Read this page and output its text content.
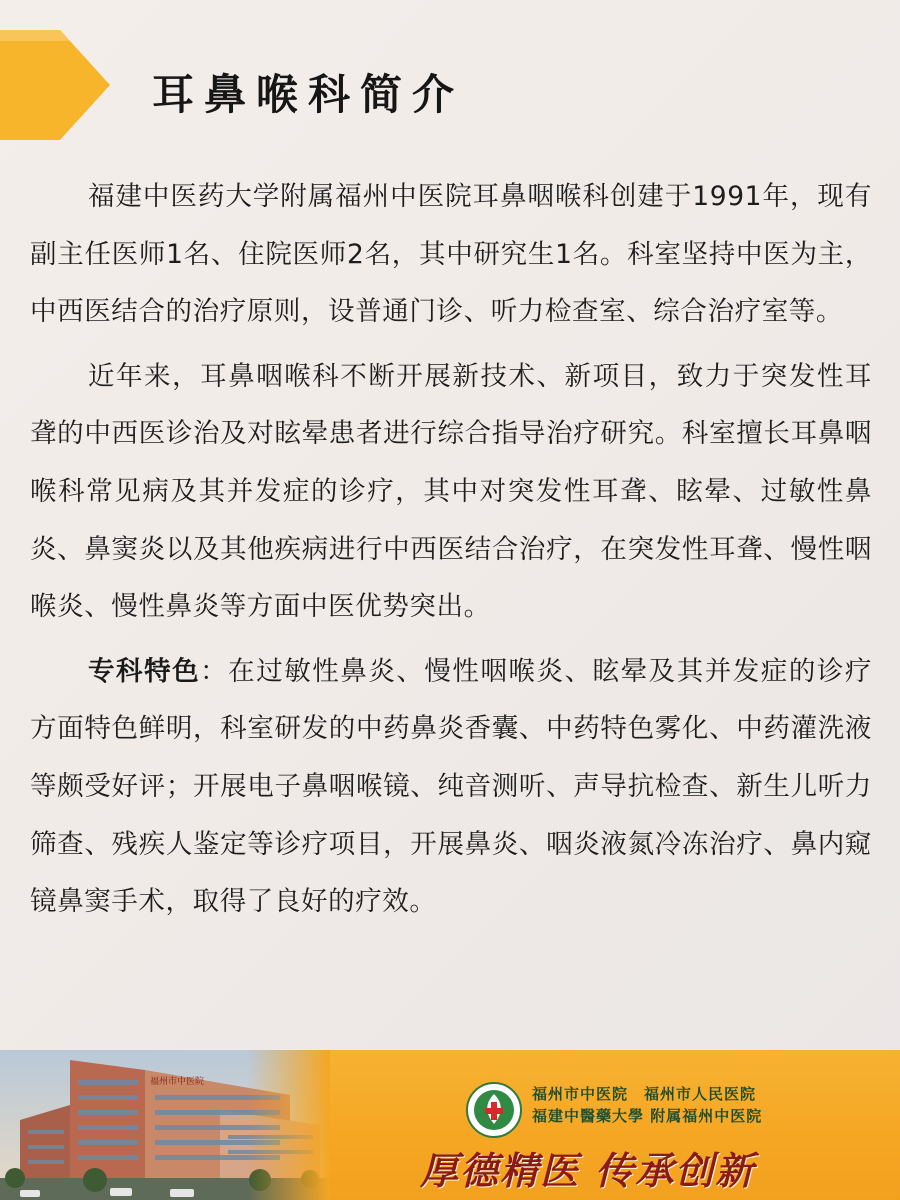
耳鼻喉科简介

福建中医药大学附属福州中医院耳鼻咽喉科创建于1991年，现有副主任医师1名、住院医师2名，其中研究生1名。科室坚持中医为主，中西医结合的治疗原则，设普通门诊、听力检查室、综合治疗室等。

近年来，耳鼻咽喉科不断开展新技术、新项目，致力于突发性耳聋的中西医诊治及对眩晕患者进行综合指导治疗研究。科室擅长耳鼻咽喉科常见病及其并发症的诊疗，其中对突发性耳聋、眩晕、过敏性鼻炎、鼻窦炎以及其他疾病进行中西医结合治疗，在突发性耳聋、慢性咽喉炎、慢性鼻炎等方面中医优势突出。

专科特色：在过敏性鼻炎、慢性咽喉炎、眩晕及其并发症的诊疗方面特色鲜明，科室研发的中药鼻炎香囊、中药特色雾化、中药灌洗液等颇受好评；开展电子鼻咽喉镜、纯音测听、声导抗检查、新生儿听力筛查、残疾人鉴定等诊疗项目，开展鼻炎、咽炎液氮冷冻治疗、鼻内窥镜鼻窦手术，取得了良好的疗效。

福州市中医院　福州市人民医院
福建中醫藥大學 附属福州中医院
厚德精医 传承创新
